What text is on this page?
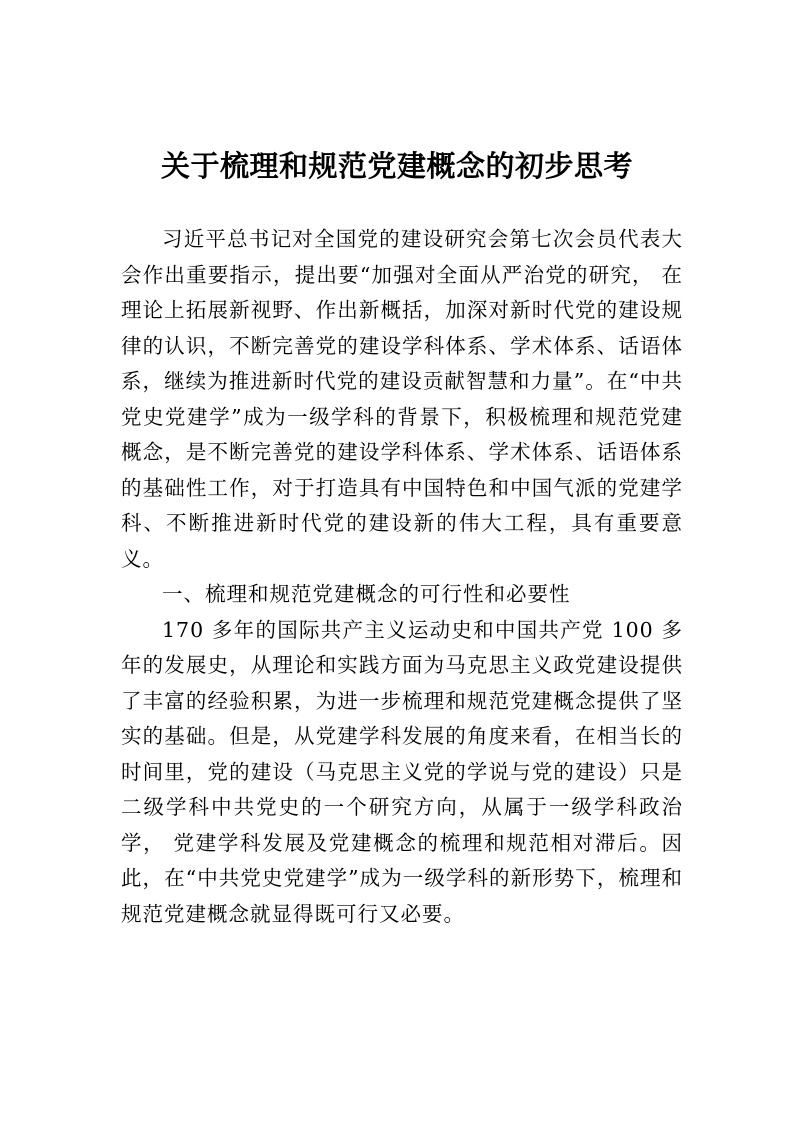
关于梳理和规范党建概念的初步思考

习近平总书记对全国党的建设研究会第七次会员代表大会作出重要指示，提出要“加强对全面从严治党的研究， 在理论上拓展新视野、作出新概括，加深对新时代党的建设规律的认识，不断完善党的建设学科体系、学术体系、话语体系，继续为推进新时代党的建设贡献智慧和力量”。在“中共党史党建学”成为一级学科的背景下，积极梳理和规范党建概念，是不断完善党的建设学科体系、学术体系、话语体系的基础性工作，对于打造具有中国特色和中国气派的党建学科、不断推进新时代党的建设新的伟大工程，具有重要意义。

一、梳理和规范党建概念的可行性和必要性

170 多年的国际共产主义运动史和中国共产党 100 多年的发展史，从理论和实践方面为马克思主义政党建设提供了丰富的经验积累，为进一步梳理和规范党建概念提供了坚实的基础。但是，从党建学科发展的角度来看，在相当长的时间里，党的建设（马克思主义党的学说与党的建设）只是二级学科中共党史的一个研究方向，从属于一级学科政治学， 党建学科发展及党建概念的梳理和规范相对滞后。因此，在“中共党史党建学”成为一级学科的新形势下，梳理和规范党建概念就显得既可行又必要。
